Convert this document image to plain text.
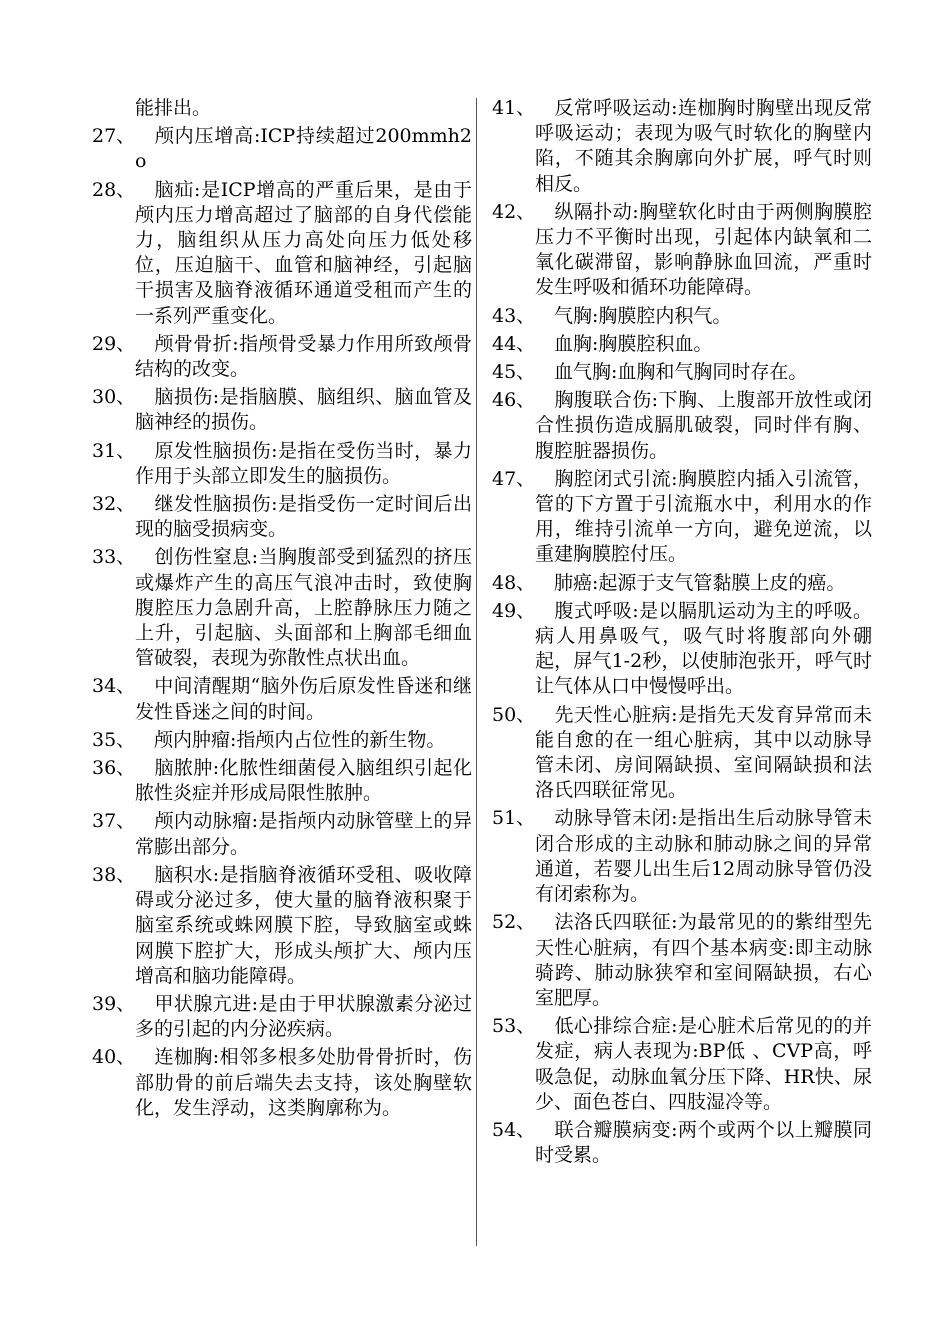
能排出。
27、 　颅内压增高:ICP持续超过200mmh2o
28、 　脑疝:是ICP增高的严重后果，是由于颅内压力增高超过了脑部的自身代偿能力，脑组织从压力高处向压力低处移位，压迫脑干、血管和脑神经，引起脑干损害及脑脊液循环通道受租而产生的一系列严重变化。
29、 　颅骨骨折:指颅骨受暴力作用所致颅骨结构的改变。
30、 　脑损伤:是指脑膜、脑组织、脑血管及脑神经的损伤。
31、 　原发性脑损伤:是指在受伤当时，暴力作用于头部立即发生的脑损伤。
32、 　继发性脑损伤:是指受伤一定时间后出现的脑受损病变。
33、 　创伤性窒息:当胸腹部受到猛烈的挤压或爆炸产生的高压气浪冲击时，致使胸腹腔压力急剧升高，上腔静脉压力随之上升，引起脑、头面部和上胸部毛细血管破裂，表现为弥散性点状出血。
34、 　中间清醒期“脑外伤后原发性昏迷和继发性昏迷之间的时间。
35、 　颅内肿瘤:指颅内占位性的新生物。
36、 　脑脓肿:化脓性细菌侵入脑组织引起化脓性炎症并形成局限性脓肿。
37、 　颅内动脉瘤:是指颅内动脉管壁上的异常膨出部分。
38、 　脑积水:是指脑脊液循环受租、吸收障碍或分泌过多，使大量的脑脊液积聚于脑室系统或蛛网膜下腔，导致脑室或蛛网膜下腔扩大，形成头颅扩大、颅内压增高和脑功能障碍。
39、 　甲状腺亢进:是由于甲状腺激素分泌过多的引起的内分泌疾病。
40、 　连枷胸:相邻多根多处肋骨骨折时，伤部肋骨的前后端失去支持，该处胸壁软化，发生浮动，这类胸廓称为。
41、 　反常呼吸运动:连枷胸时胸壁出现反常呼吸运动；表现为吸气时软化的胸壁内陷，不随其余胸廓向外扩展，呼气时则相反。
42、 　纵隔扑动:胸壁软化时由于两侧胸膜腔压力不平衡时出现，引起体内缺氧和二氧化碳滞留，影响静脉血回流，严重时发生呼吸和循环功能障碍。
43、 　气胸:胸膜腔内积气。
44、 　血胸:胸膜腔积血。
45、 　血气胸:血胸和气胸同时存在。
46、 　胸腹联合伤:下胸、上腹部开放性或闭合性损伤造成膈肌破裂，同时伴有胸、腹腔脏器损伤。
47、 　胸腔闭式引流:胸膜腔内插入引流管，管的下方置于引流瓶水中，利用水的作用，维持引流单一方向，避免逆流，以重建胸膜腔付压。
48、 　肺癌:起源于支气管黏膜上皮的癌。
49、 　腹式呼吸:是以膈肌运动为主的呼吸。病人用鼻吸气，吸气时将腹部向外硼起，屏气1-2秒，以使肺泡张开，呼气时让气体从口中慢慢呼出。
50、 　先天性心脏病:是指先天发育异常而未能自愈的在一组心脏病，其中以动脉导管未闭、房间隔缺损、室间隔缺损和法洛氏四联征常见。
51、 　动脉导管未闭:是指出生后动脉导管未闭合形成的主动脉和肺动脉之间的异常通道，若婴儿出生后12周动脉导管仍没有闭索称为。
52、 　法洛氏四联征:为最常见的的紫绀型先天性心脏病，有四个基本病变:即主动脉骑跨、肺动脉狭窄和室间隔缺损，右心室肥厚。
53、 　低心排综合症:是心脏术后常见的的并发症，病人表现为:BP低 、CVP高，呼吸急促，动脉血氧分压下降、HR快、尿少、面色苍白、四肢湿冷等。
54、 　联合瓣膜病变:两个或两个以上瓣膜同时受累。
